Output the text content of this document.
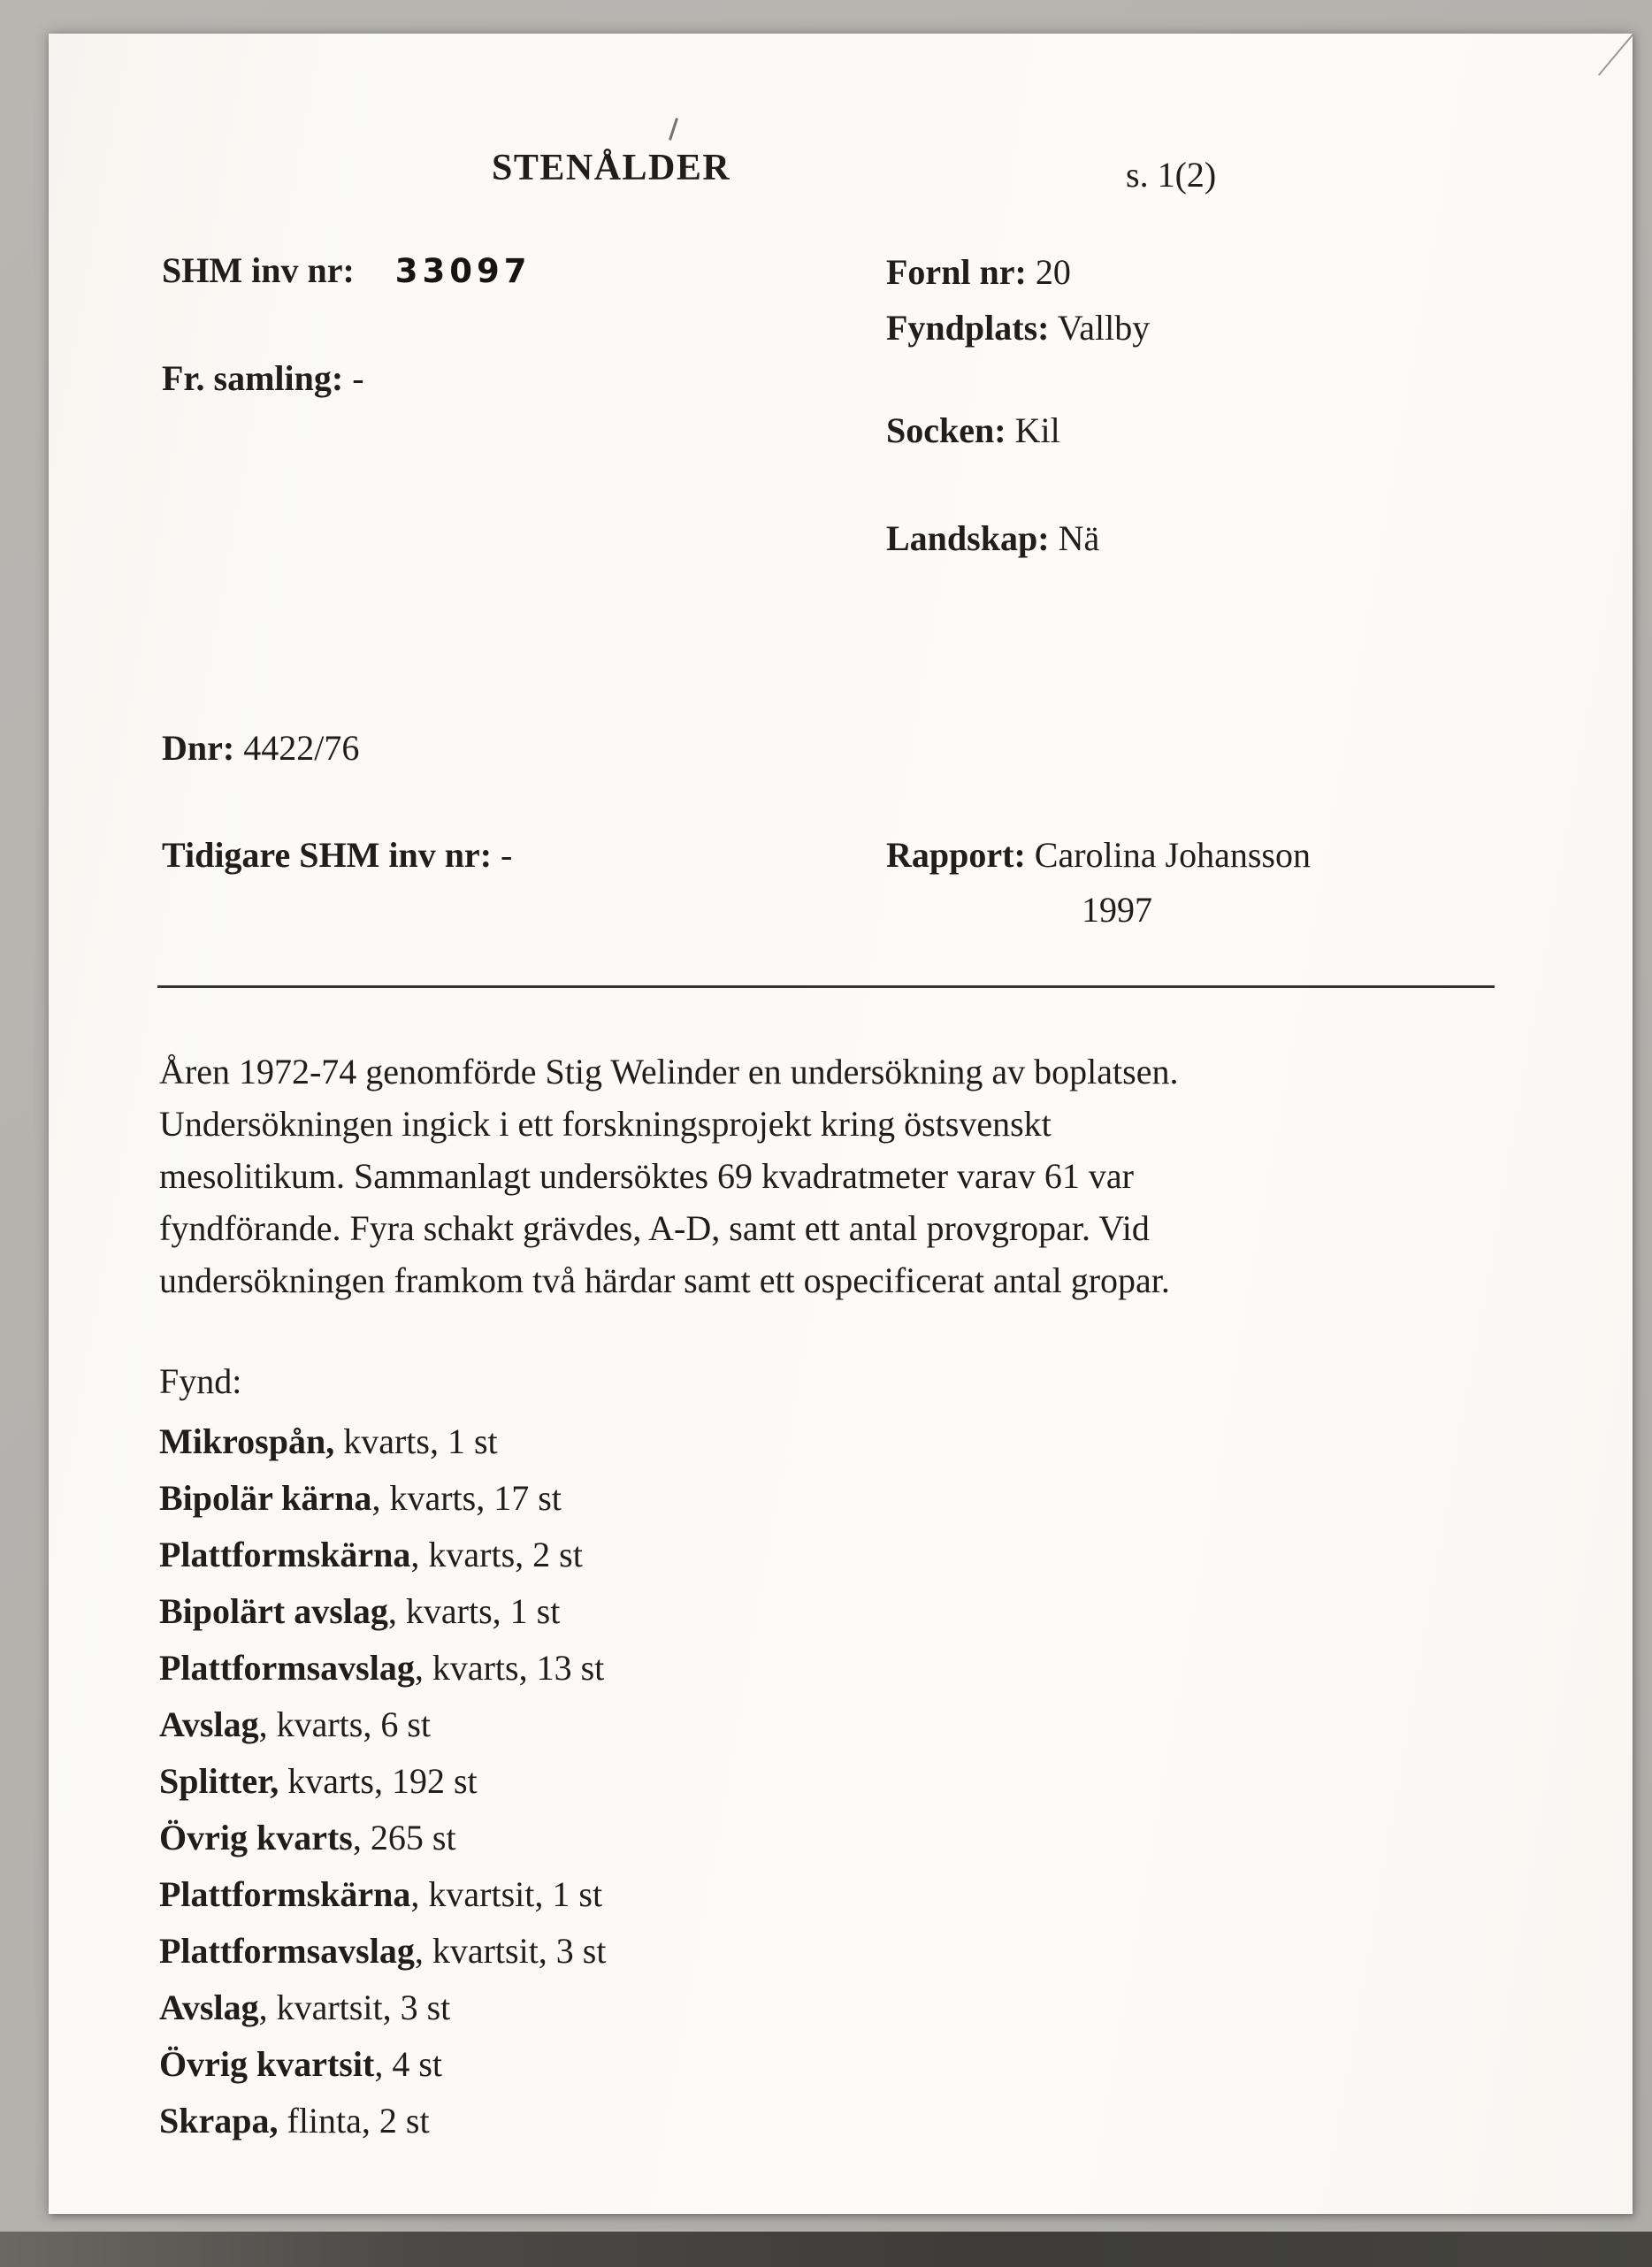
STENÅLDER	s. 1(2)
SHM inv nr: 33097
Fr. samling: -
Fornl nr: 20
Fyndplats: Vallby
Socken: Kil
Landskap: Nä
Dnr: 4422/76
Tidigare SHM inv nr: -	Rapport: Carolina Johansson
1997
Åren 1972-74 genomförde Stig Welinder en undersökning av boplatsen.
Undersökningen ingick i ett forskningsprojekt kring östsvenskt
mesolitikum. Sammanlagt undersöktes 69 kvadratmeter varav 61 var
fyndförande. Fyra schakt grävdes, A-D, samt ett antal provgropar. Vid
undersökningen framkom två härdar samt ett ospecificerat antal gropar.
Fynd:
Mikrospån, kvarts, 1 st
Bipolär kärna, kvarts, 17 st
Plattformskärna, kvarts, 2 st
Bipolärt avslag, kvarts, 1 st
Plattformsavslag, kvarts, 13 st
Avslag, kvarts, 6 st
Splitter, kvarts, 192 st
Övrig kvarts, 265 st
Plattformskärna, kvartsit, 1 st
Plattformsavslag, kvartsit, 3 st
Avslag, kvartsit, 3 st
Övrig kvartsit, 4 st
Skrapa, flinta, 2 st
